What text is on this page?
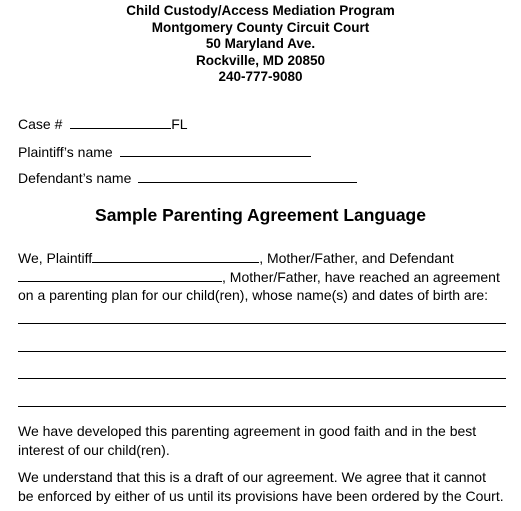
Child Custody/Access Mediation Program
Montgomery County Circuit Court
50 Maryland Ave.
Rockville, MD 20850
240-777-9080
Case #	FL
Plaintiff’s name
Defendant’s name
Sample Parenting Agreement Language
We, Plaintiff	, Mother/Father, and Defendant
, Mother/Father, have reached an agreement
on a parenting plan for our child(ren), whose name(s) and dates of birth are:
We have developed this parenting agreement in good faith and in the best
interest of our child(ren).
We understand that this is a draft of our agreement. We agree that it cannot
be enforced by either of us until its provisions have been ordered by the Court.
